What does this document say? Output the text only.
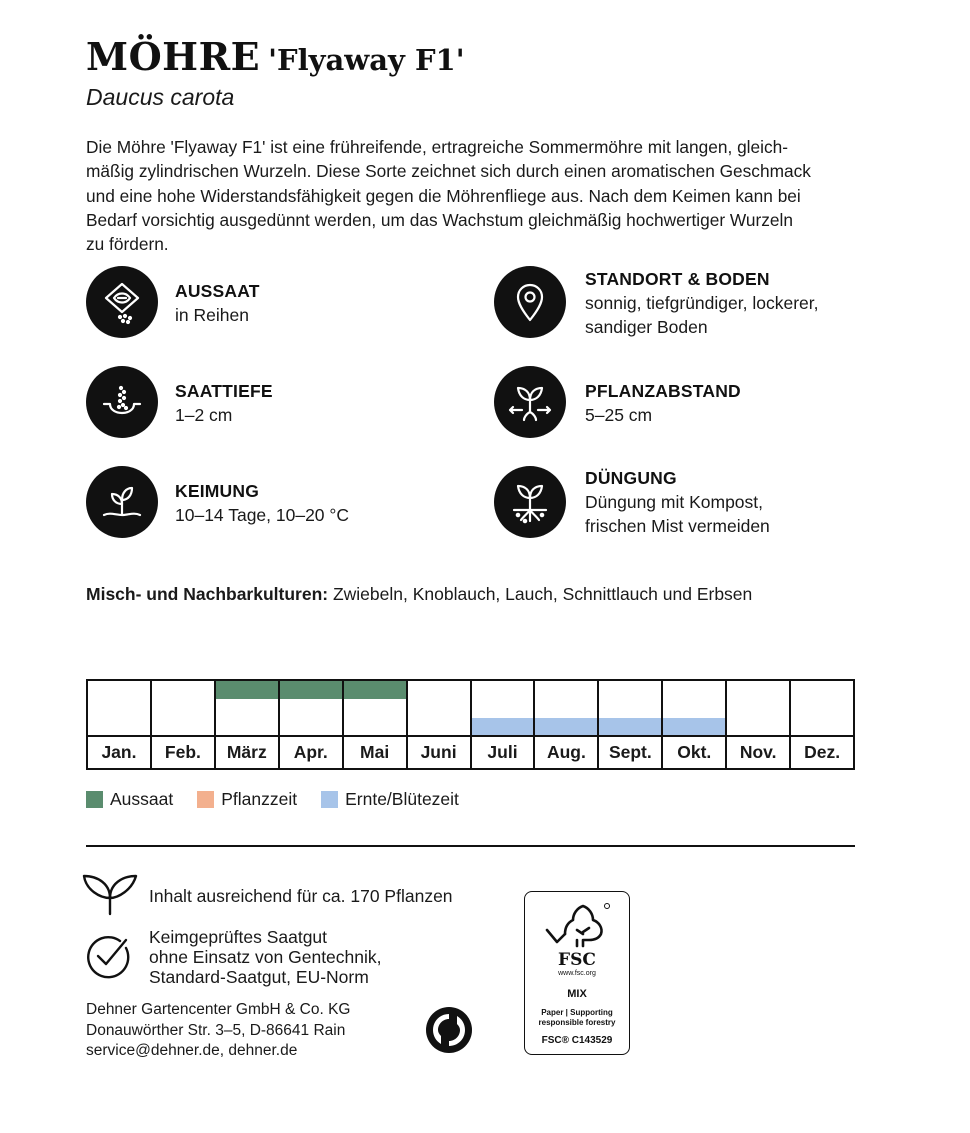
MÖHRE 'Flyaway F1'
Daucus carota
Die Möhre 'Flyaway F1' ist eine frühreifende, ertragreiche Sommermöhre mit langen, gleich-
mäßig zylindrischen Wurzeln. Diese Sorte zeichnet sich durch einen aromatischen Geschmack
und eine hohe Widerstandsfähigkeit gegen die Möhrenfliege aus. Nach dem Keimen kann bei
Bedarf vorsichtig ausgedünnt werden, um das Wachstum gleichmäßig hochwertiger Wurzeln
zu fördern.
AUSSAAT
in Reihen
STANDORT & BODEN
sonnig, tiefgründiger, lockerer,
sandiger Boden
SAATTIEFE
1–2 cm
PFLANZABSTAND
5–25 cm
KEIMUNG
10–14 Tage, 10–20 °C
DÜNGUNG
Düngung mit Kompost,
frischen Mist vermeiden
Misch- und Nachbarkulturen: Zwiebeln, Knoblauch, Lauch, Schnittlauch und Erbsen
Jan.	Feb.	März	Apr.	Mai	Juni	Juli	Aug.	Sept.	Okt.	Nov.	Dez.
Aussaat	Pflanzzeit	Ernte/Blütezeit
Inhalt ausreichend für ca. 170 Pflanzen
Keimgeprüftes Saatgut
ohne Einsatz von Gentechnik,
Standard-Saatgut, EU-Norm
Dehner Gartencenter GmbH & Co. KG
Donauwörther Str. 3–5, D-86641 Rain
service@dehner.de, dehner.de
FSC
www.fsc.org
MIX
Paper | Supporting
responsible forestry
FSC® C143529
